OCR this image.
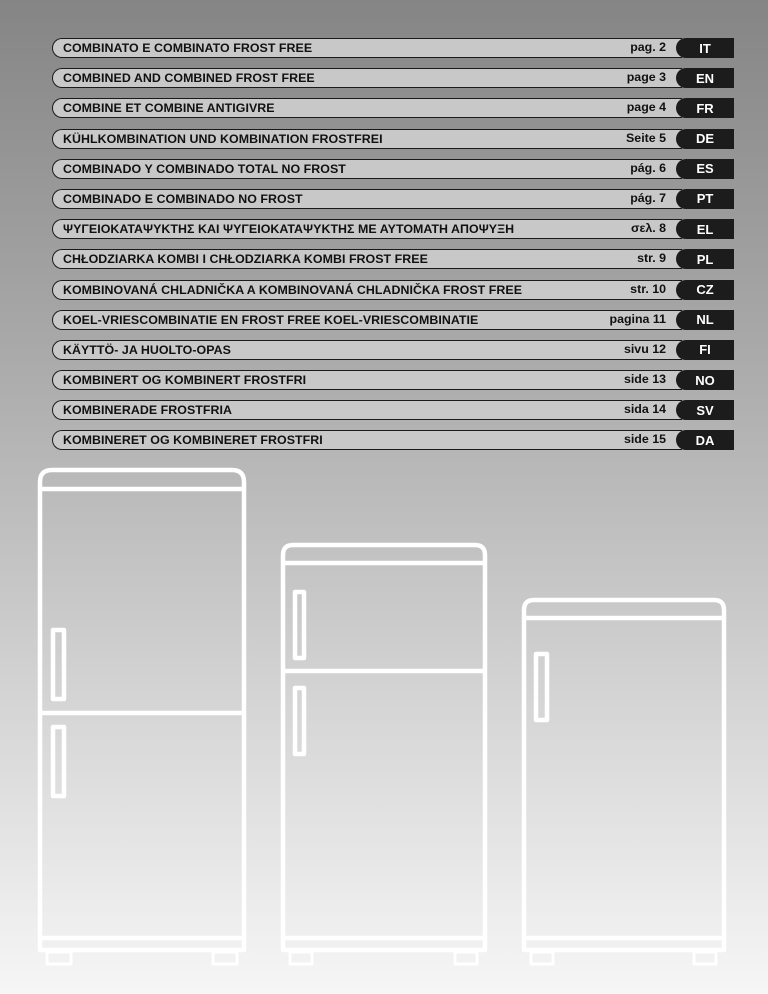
COMBINATO E COMBINATO FROST FREE	pag. 2	IT
COMBINED AND COMBINED FROST FREE	page 3	EN
COMBINE ET COMBINE ANTIGIVRE	page 4	FR
KÜHLKOMBINATION UND KOMBINATION FROSTFREI	Seite 5	DE
COMBINADO Y COMBINADO TOTAL NO FROST	pág. 6	ES
COMBINADO E COMBINADO NO FROST	pág. 7	PT
ΨΥΓΕΙΟΚΑΤΑΨΥΚΤΗΣ ΚΑΙ ΨΥΓΕΙΟΚΑΤΑΨΥΚΤΗΣ ΜΕ ΑΥΤΟΜΑΤΗ ΑΠΟΨΥΞΗ	σελ. 8	EL
CHŁODZIARKA KOMBI I CHŁODZIARKA KOMBI FROST FREE	str. 9	PL
KOMBINOVANÁ CHLADNIČKA A KOMBINOVANÁ CHLADNIČKA FROST FREE	str. 10	CZ
KOEL-VRIESCOMBINATIE EN FROST FREE KOEL-VRIESCOMBINATIE	pagina 11	NL
KÄYTTÖ- JA HUOLTO-OPAS	sivu 12	FI
KOMBINERT OG KOMBINERT FROSTFRI	side 13	NO
KOMBINERADE FROSTFRIA	sida 14	SV
KOMBINERET OG KOMBINERET FROSTFRI	side 15	DA
